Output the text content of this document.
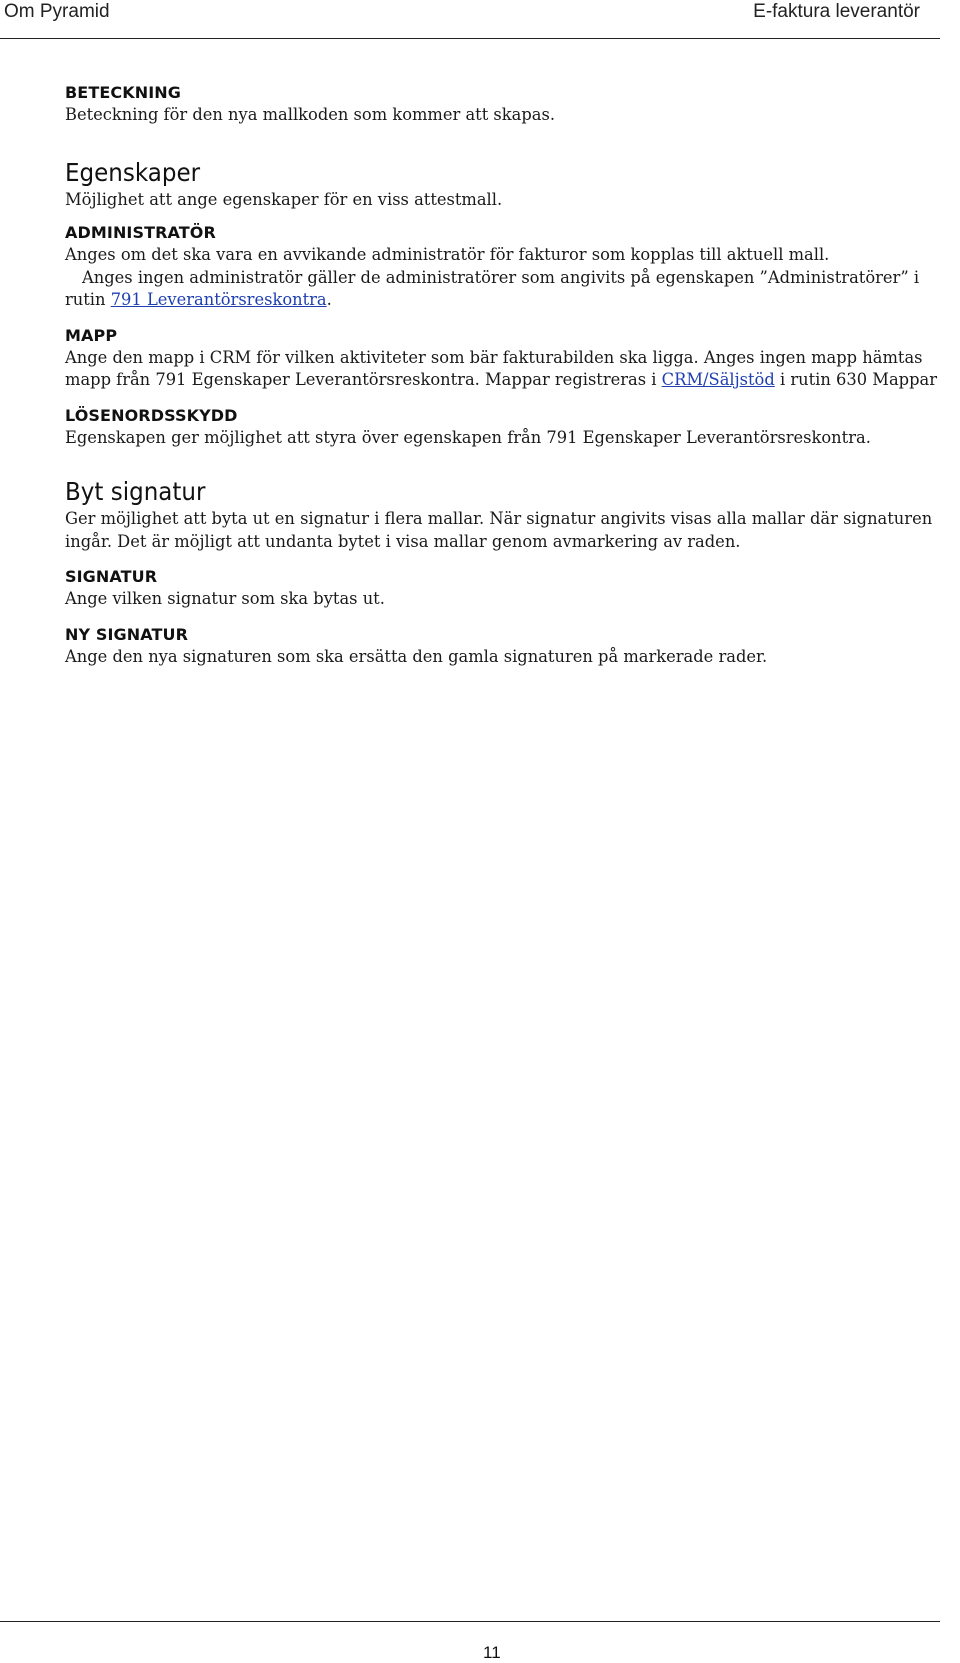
Om Pyramid	E-faktura leverantör

BETECKNING

Beteckning för den nya mallkoden som kommer att skapas.

Egenskaper

Möjlighet att ange egenskaper för en viss attestmall.

ADMINISTRATÖR

Anges om det ska vara en avvikande administratör för fakturor som kopplas till aktuell mall.

Anges ingen administratör gäller de administratörer som angivits på egenskapen ”Administratörer” i rutin 791 Leverantörsreskontra.

MAPP

Ange den mapp i CRM för vilken aktiviteter som bär fakturabilden ska ligga. Anges ingen mapp hämtas mapp från 791 Egenskaper Leverantörsreskontra. Mappar registreras i CRM/Säljstöd i rutin 630 Mappar

LÖSENORDSSKYDD

Egenskapen ger möjlighet att styra över egenskapen från 791 Egenskaper Leverantörsreskontra.

Byt signatur

Ger möjlighet att byta ut en signatur i flera mallar. När signatur angivits visas alla mallar där signaturen ingår. Det är möjligt att undanta bytet i visa mallar genom avmarkering av raden.

SIGNATUR

Ange vilken signatur som ska bytas ut.

NY SIGNATUR

Ange den nya signaturen som ska ersätta den gamla signaturen på markerade rader.

11
